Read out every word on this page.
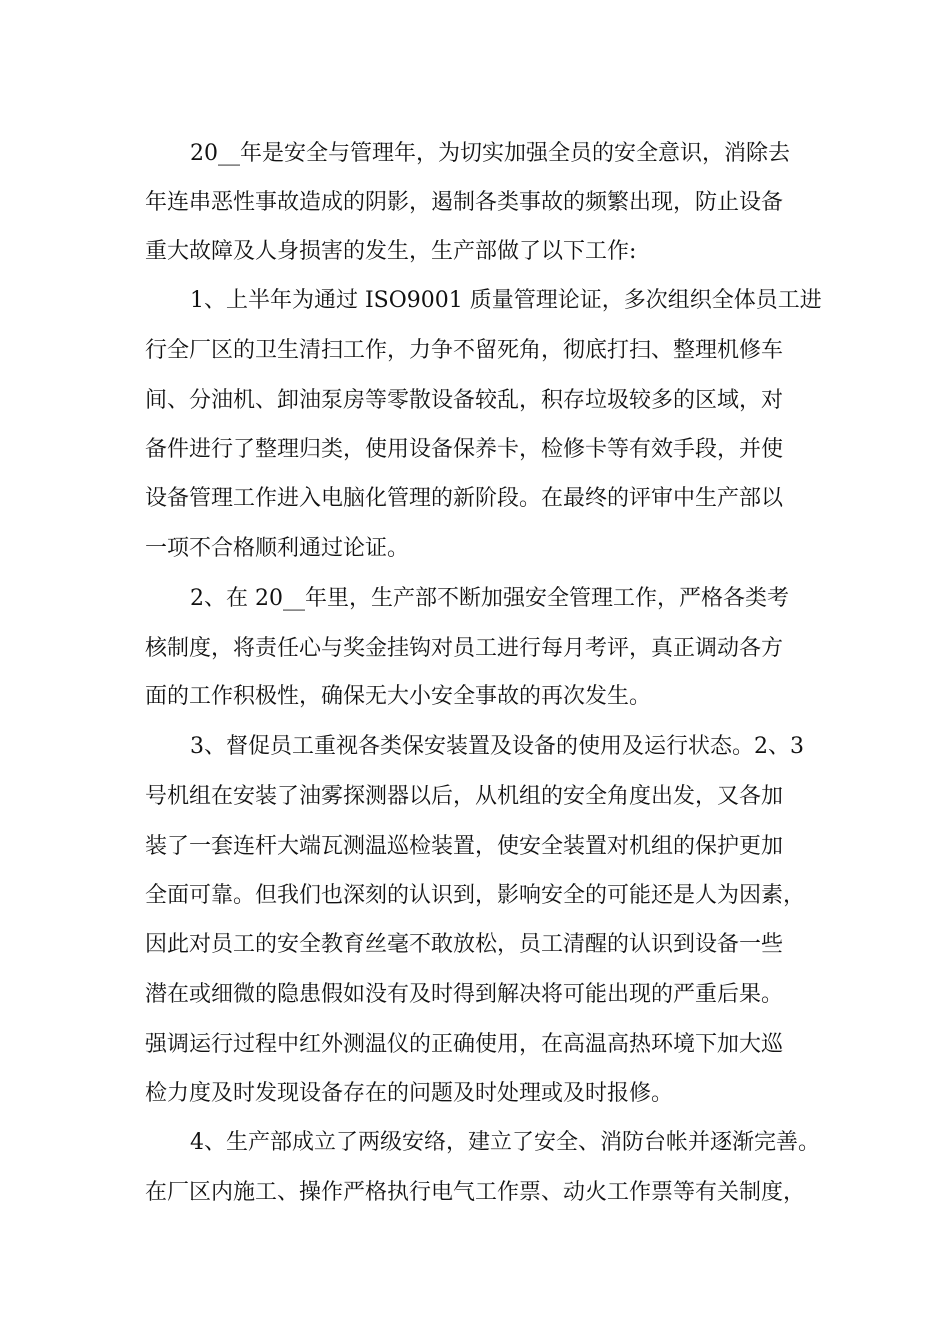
20__年是安全与管理年，为切实加强全员的安全意识，消除去
年连串恶性事故造成的阴影，遏制各类事故的频繁出现，防止设备
重大故障及人身损害的发生，生产部做了以下工作:
1、上半年为通过 ISO9001 质量管理论证，多次组织全体员工进
行全厂区的卫生清扫工作，力争不留死角，彻底打扫、整理机修车
间、分油机、卸油泵房等零散设备较乱，积存垃圾较多的区域，对
备件进行了整理归类，使用设备保养卡，检修卡等有效手段，并使
设备管理工作进入电脑化管理的新阶段。在最终的评审中生产部以
一项不合格顺利通过论证。
2、在 20__年里，生产部不断加强安全管理工作，严格各类考
核制度，将责任心与奖金挂钩对员工进行每月考评，真正调动各方
面的工作积极性，确保无大小安全事故的再次发生。
3、督促员工重视各类保安装置及设备的使用及运行状态。2、3
号机组在安装了油雾探测器以后，从机组的安全角度出发，又各加
装了一套连杆大端瓦测温巡检装置，使安全装置对机组的保护更加
全面可靠。但我们也深刻的认识到，影响安全的可能还是人为因素，
因此对员工的安全教育丝毫不敢放松，员工清醒的认识到设备一些
潜在或细微的隐患假如没有及时得到解决将可能出现的严重后果。
强调运行过程中红外测温仪的正确使用，在高温高热环境下加大巡
检力度及时发现设备存在的问题及时处理或及时报修。
4、生产部成立了两级安络，建立了安全、消防台帐并逐渐完善。
在厂区内施工、操作严格执行电气工作票、动火工作票等有关制度，
